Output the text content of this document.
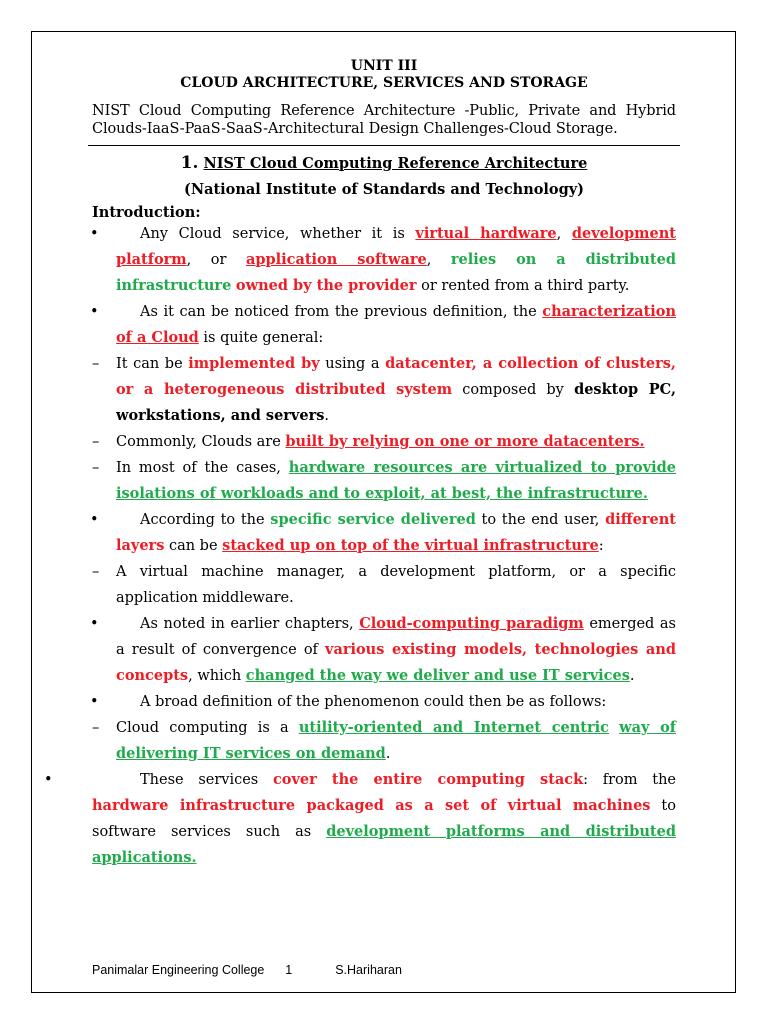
UNIT III
CLOUD ARCHITECTURE, SERVICES AND STORAGE
NIST Cloud Computing Reference Architecture -Public, Private and Hybrid Clouds-IaaS-PaaS-SaaS-Architectural Design Challenges-Cloud Storage.
1. NIST Cloud Computing Reference Architecture
(National Institute of Standards and Technology)
Introduction:
•	Any Cloud service, whether it is virtual hardware, development platform, or application software, relies on a distributed infrastructure owned by the provider or rented from a third party.
•	As it can be noticed from the previous definition, the characterization of a Cloud is quite general:
– It can be implemented by using a datacenter, a collection of clusters, or a heterogeneous distributed system composed by desktop PC, workstations, and servers.
– Commonly, Clouds are built by relying on one or more datacenters.
– In most of the cases, hardware resources are virtualized to provide isolations of workloads and to exploit, at best, the infrastructure.
•	According to the specific service delivered to the end user, different layers can be stacked up on top of the virtual infrastructure:
– A virtual machine manager, a development platform, or a specific application middleware.
•	As noted in earlier chapters, Cloud-computing paradigm emerged as a result of convergence of various existing models, technologies and concepts, which changed the way we deliver and use IT services.
•	A broad definition of the phenomenon could then be as follows:
– Cloud computing is a utility-oriented and Internet centric way of delivering IT services on demand.
•	These services cover the entire computing stack: from the hardware infrastructure packaged as a set of virtual machines to software services such as development platforms and distributed applications.
Panimalar Engineering College 1	S.Hariharan
